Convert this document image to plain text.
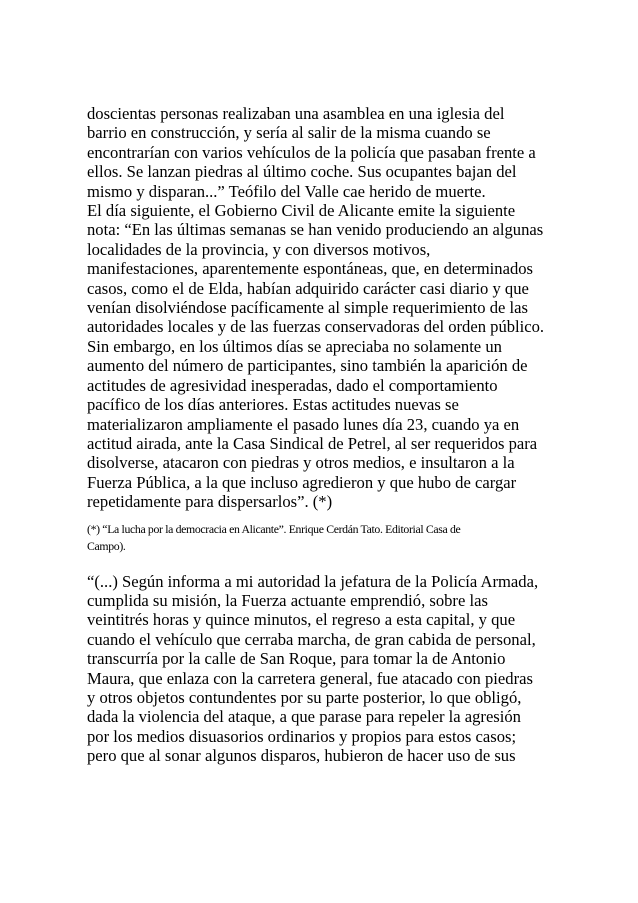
doscientas personas realizaban una asamblea en una iglesia del
barrio en construcción, y sería al salir de la misma cuando se
encontrarían con varios vehículos de la policía que pasaban frente a
ellos. Se lanzan piedras al último coche. Sus ocupantes bajan del
mismo y disparan...” Teófilo del Valle cae herido de muerte.
El día siguiente, el Gobierno Civil de Alicante emite la siguiente
nota: “En las últimas semanas se han venido produciendo an algunas
localidades de la provincia, y con diversos motivos,
manifestaciones, aparentemente espontáneas, que, en determinados
casos, como el de Elda, habían adquirido carácter casi diario y que
venían disolviéndose pacíficamente al simple requerimiento de las
autoridades locales y de las fuerzas conservadoras del orden público.
Sin embargo, en los últimos días se apreciaba no solamente un
aumento del número de participantes, sino también la aparición de
actitudes de agresividad inesperadas, dado el comportamiento
pacífico de los días anteriores. Estas actitudes nuevas se
materializaron ampliamente el pasado lunes día 23, cuando ya en
actitud airada, ante la Casa Sindical de Petrel, al ser requeridos para
disolverse, atacaron con piedras y otros medios, e insultaron a la
Fuerza Pública, a la que incluso agredieron y que hubo de cargar
repetidamente para dispersarlos”. (*)
(*) “La lucha por la democracia en Alicante”. Enrique Cerdán Tato. Editorial Casa de
Campo).
“(...) Según informa a mi autoridad la jefatura de la Policía Armada,
cumplida su misión, la Fuerza actuante emprendió, sobre las
veintitrés horas y quince minutos, el regreso a esta capital, y que
cuando el vehículo que cerraba marcha, de gran cabida de personal,
transcurría por la calle de San Roque, para tomar la de Antonio
Maura, que enlaza con la carretera general, fue atacado con piedras
y otros objetos contundentes por su parte posterior, lo que obligó,
dada la violencia del ataque, a que parase para repeler la agresión
por los medios disuasorios ordinarios y propios para estos casos;
pero que al sonar algunos disparos, hubieron de hacer uso de sus
